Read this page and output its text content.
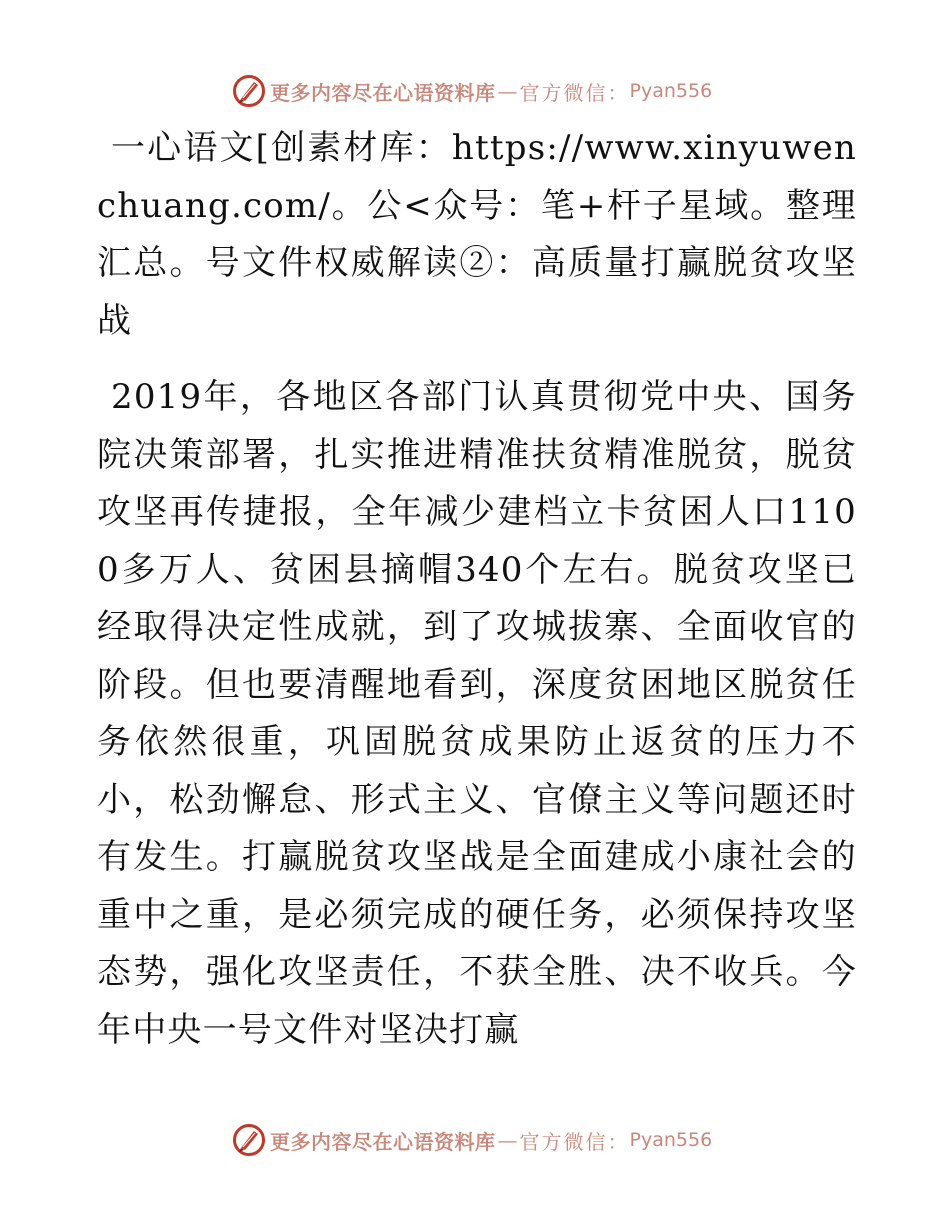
更多内容尽在心语资料库 — 官方微信： Pyan556

一心语文[创素材库：https://www.xinyuwenchuang.com/。公<众号：笔+杆子星域。整理汇总。号文件权威解读②：高质量打赢脱贫攻坚战

2019年，各地区各部门认真贯彻党中央、国务院决策部署，扎实推进精准扶贫精准脱贫，脱贫攻坚再传捷报，全年减少建档立卡贫困人口1100多万人、贫困县摘帽340个左右。脱贫攻坚已经取得决定性成就，到了攻城拔寨、全面收官的阶段。但也要清醒地看到，深度贫困地区脱贫任务依然很重，巩固脱贫成果防止返贫的压力不小，松劲懈怠、形式主义、官僚主义等问题还时有发生。打赢脱贫攻坚战是全面建成小康社会的重中之重，是必须完成的硬任务，必须保持攻坚态势，强化攻坚责任，不获全胜、决不收兵。今年中央一号文件对坚决打赢

更多内容尽在心语资料库 — 官方微信： Pyan556
